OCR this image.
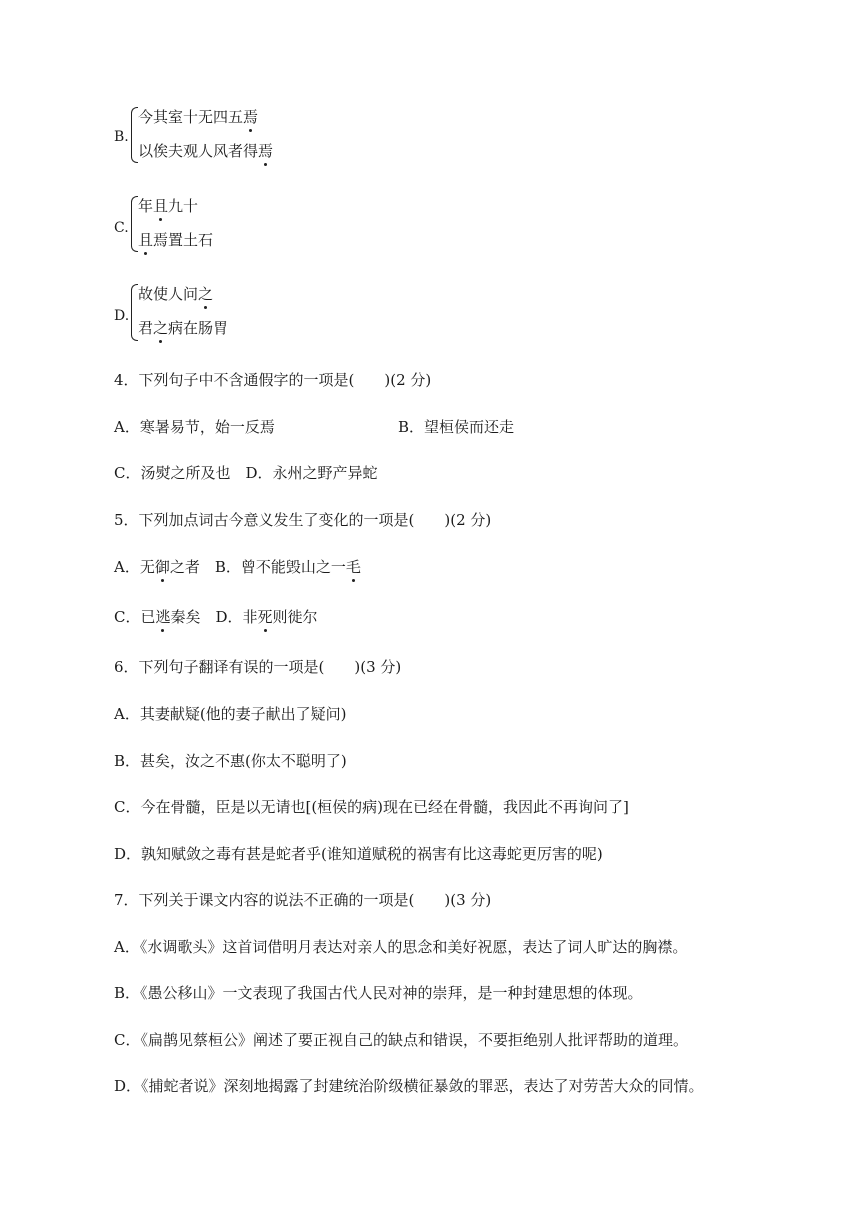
B.
今其室十无四五焉
以俟夫观人风者得焉
C.
年且九十
且焉置土石
D.
故使人问之
君之病在肠胃
4．下列句子中不含通假字的一项是(　　)(2 分)
A．寒暑易节，始一反焉	B．望桓侯而还走
C．汤熨之所及也　D．永州之野产异蛇
5．下列加点词古今意义发生了变化的一项是(　　)(2 分)
A．无御之者　B．曾不能毁山之一毛
C．已逃秦矣　D．非死则徙尔
6．下列句子翻译有误的一项是(　　)(3 分)
A．其妻献疑(他的妻子献出了疑问)
B．甚矣，汝之不惠(你太不聪明了)
C．今在骨髓，臣是以无请也[(桓侯的病)现在已经在骨髓，我因此不再询问了]
D．孰知赋敛之毒有甚是蛇者乎(谁知道赋税的祸害有比这毒蛇更厉害的呢)
7．下列关于课文内容的说法不正确的一项是(　　)(3 分)
A．《水调歌头》这首词借明月表达对亲人的思念和美好祝愿，表达了词人旷达的胸襟。
B．《愚公移山》一文表现了我国古代人民对神的崇拜，是一种封建思想的体现。
C．《扁鹊见蔡桓公》阐述了要正视自己的缺点和错误，不要拒绝别人批评帮助的道理。
D．《捕蛇者说》深刻地揭露了封建统治阶级横征暴敛的罪恶，表达了对劳苦大众的同情。
